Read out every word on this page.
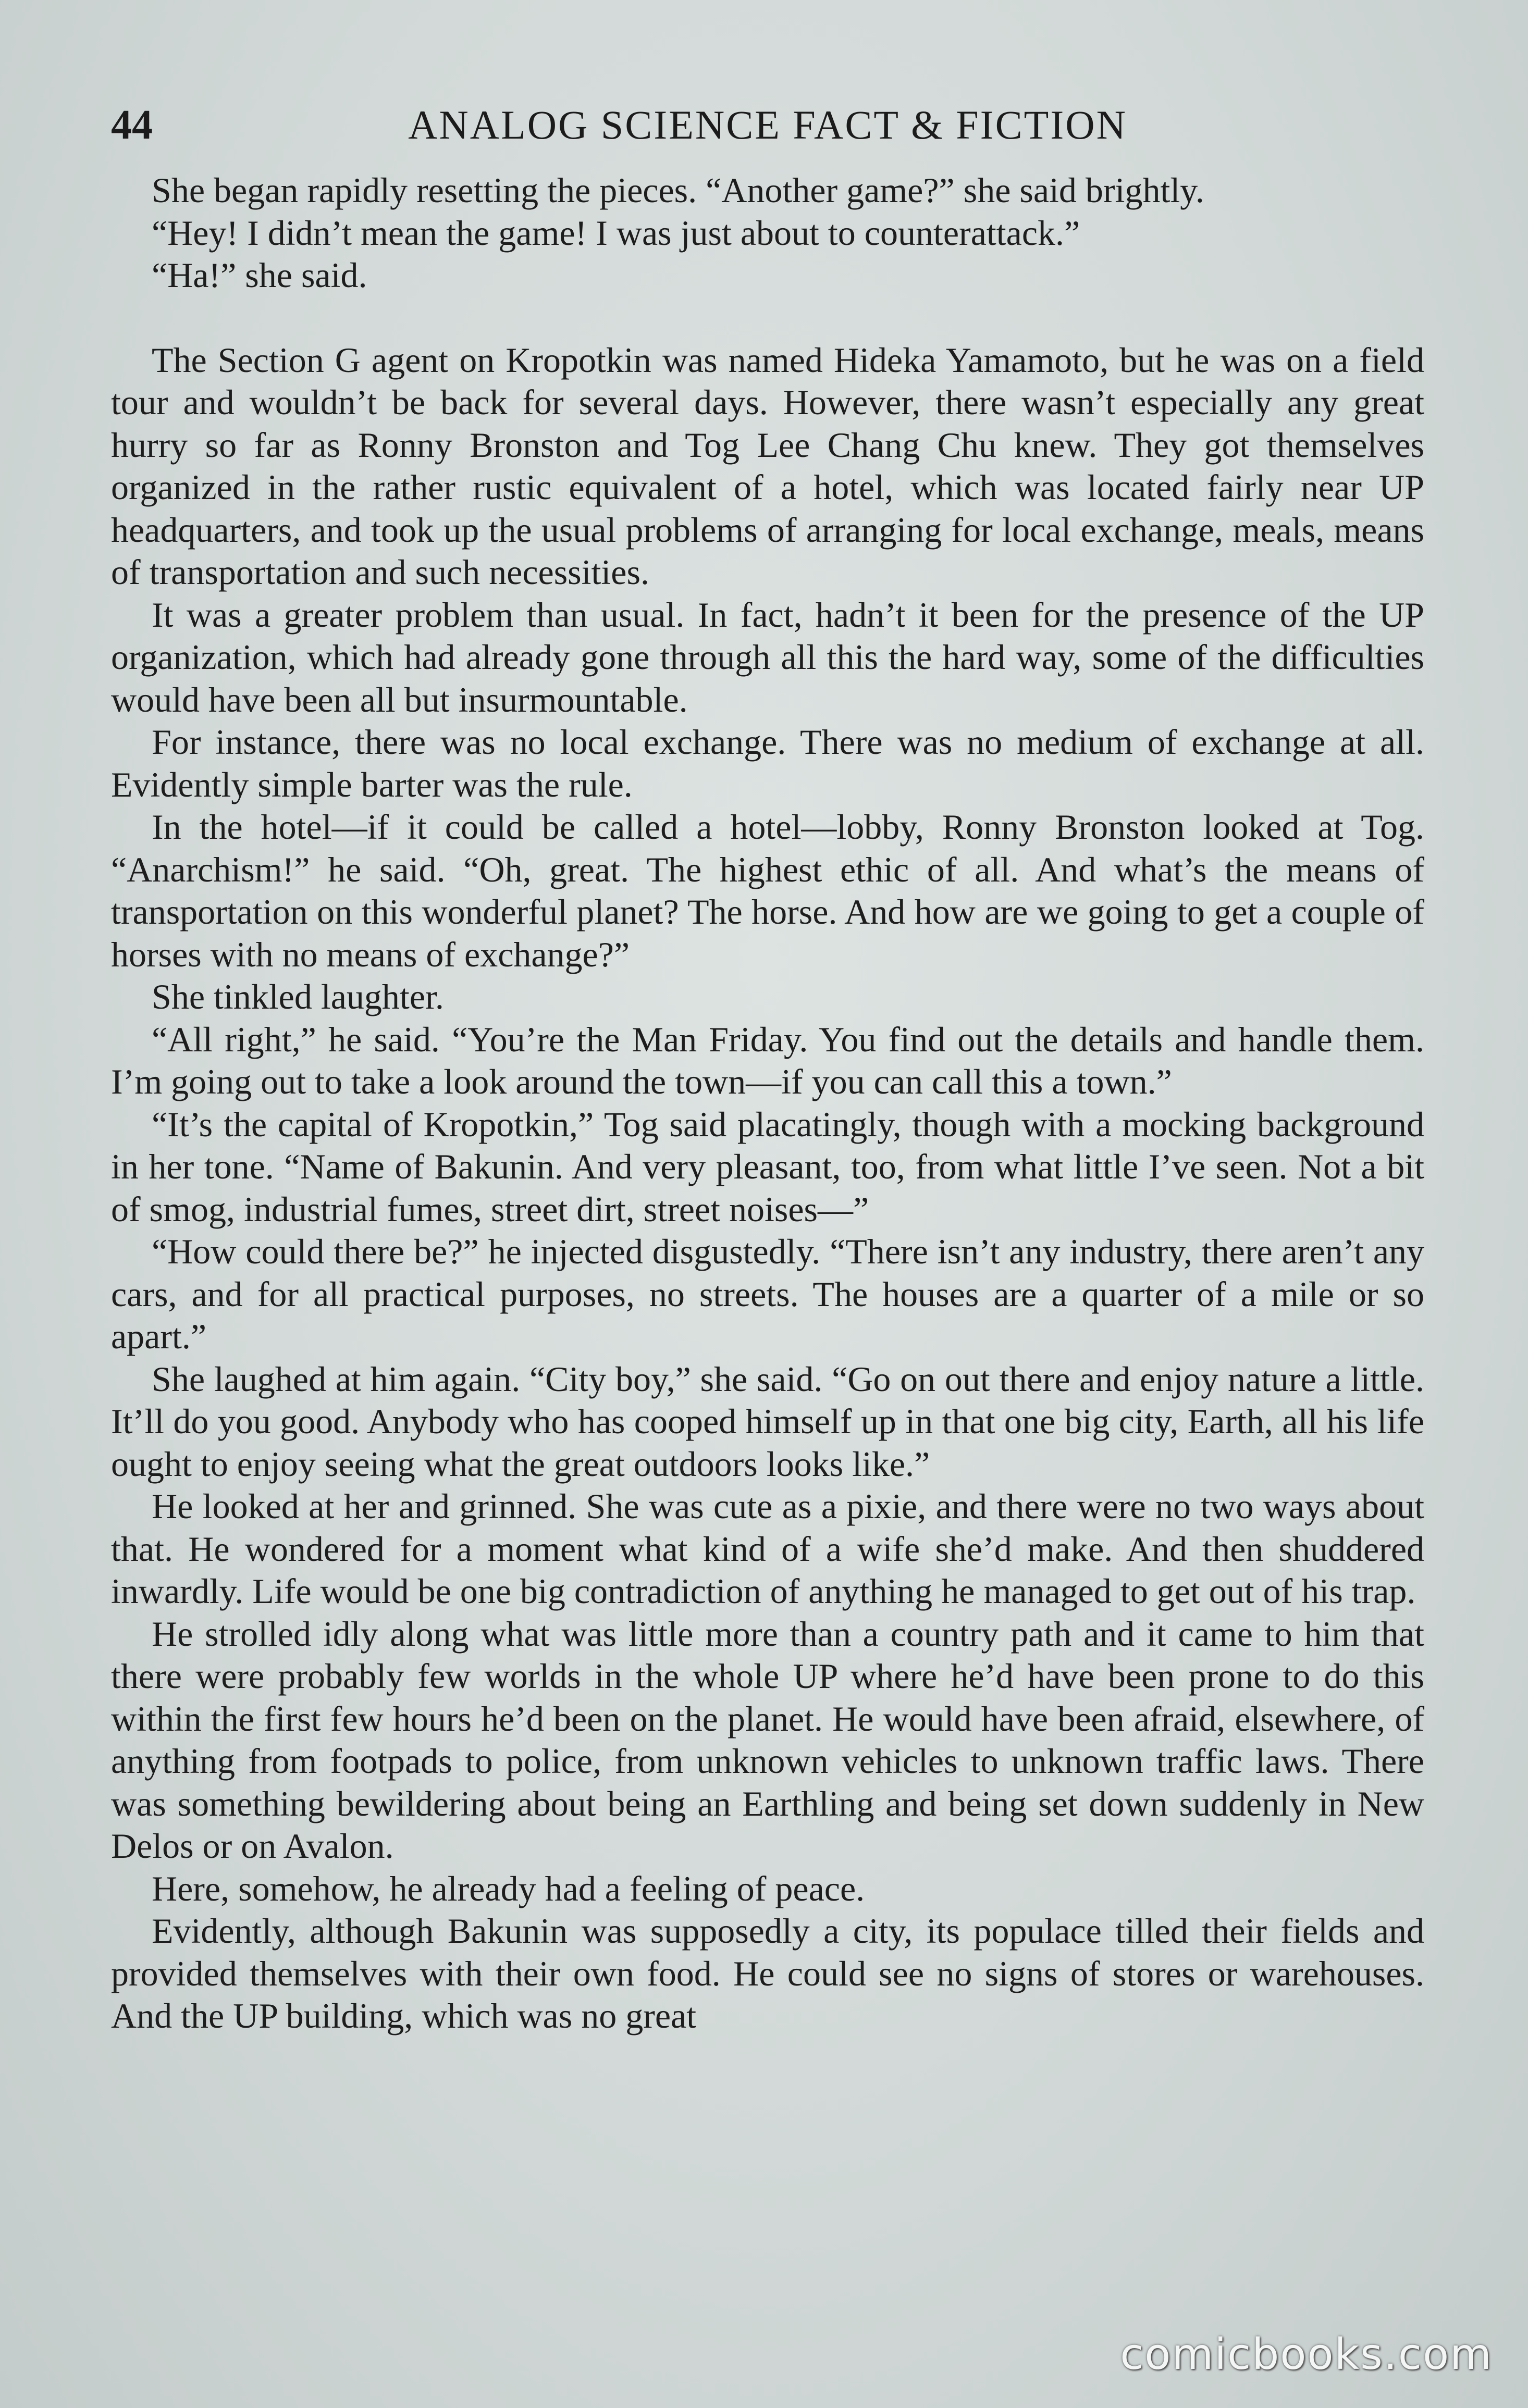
44	ANALOG SCIENCE FACT & FICTION

She began rapidly resetting the pieces. “Another game?” she said brightly.

“Hey! I didn’t mean the game! I was just about to counterattack.”

“Ha!” she said.

The Section G agent on Kropotkin was named Hideka Yamamoto, but he was on a field tour and wouldn’t be back for several days. However, there wasn’t especially any great hurry so far as Ronny Bronston and Tog Lee Chang Chu knew. They got themselves organized in the rather rustic equivalent of a hotel, which was located fairly near UP headquarters, and took up the usual problems of arranging for local exchange, meals, means of transportation and such necessities.

It was a greater problem than usual. In fact, hadn’t it been for the presence of the UP organization, which had already gone through all this the hard way, some of the difficulties would have been all but insurmountable.

For instance, there was no local exchange. There was no medium of exchange at all. Evidently simple barter was the rule.

In the hotel—if it could be called a hotel—lobby, Ronny Bronston looked at Tog. “Anarchism!” he said. “Oh, great. The highest ethic of all. And what’s the means of transportation on this wonderful planet? The horse. And how are we going to get a couple of horses with no means of exchange?”

She tinkled laughter.

“All right,” he said. “You’re the Man Friday. You find out the details and handle them. I’m going out to take a look around the town—if you can call this a town.”

“It’s the capital of Kropotkin,” Tog said placatingly, though with a mocking background in her tone. “Name of Bakunin. And very pleasant, too, from what little I’ve seen. Not a bit of smog, industrial fumes, street dirt, street noises—”

“How could there be?” he injected disgustedly. “There isn’t any industry, there aren’t any cars, and for all practical purposes, no streets. The houses are a quarter of a mile or so apart.”

She laughed at him again. “City boy,” she said. “Go on out there and enjoy nature a little. It’ll do you good. Anybody who has cooped himself up in that one big city, Earth, all his life ought to enjoy seeing what the great outdoors looks like.”

He looked at her and grinned. She was cute as a pixie, and there were no two ways about that. He wondered for a moment what kind of a wife she’d make. And then shuddered inwardly. Life would be one big contradiction of anything he managed to get out of his trap.

He strolled idly along what was little more than a country path and it came to him that there were probably few worlds in the whole UP where he’d have been prone to do this within the first few hours he’d been on the planet. He would have been afraid, elsewhere, of anything from footpads to police, from unknown vehicles to unknown traffic laws. There was something bewildering about being an Earthling and being set down suddenly in New Delos or on Avalon.

Here, somehow, he already had a feeling of peace.

Evidently, although Bakunin was supposedly a city, its populace tilled their fields and provided themselves with their own food. He could see no signs of stores or warehouses. And the UP building, which was no great

comicbooks.com
